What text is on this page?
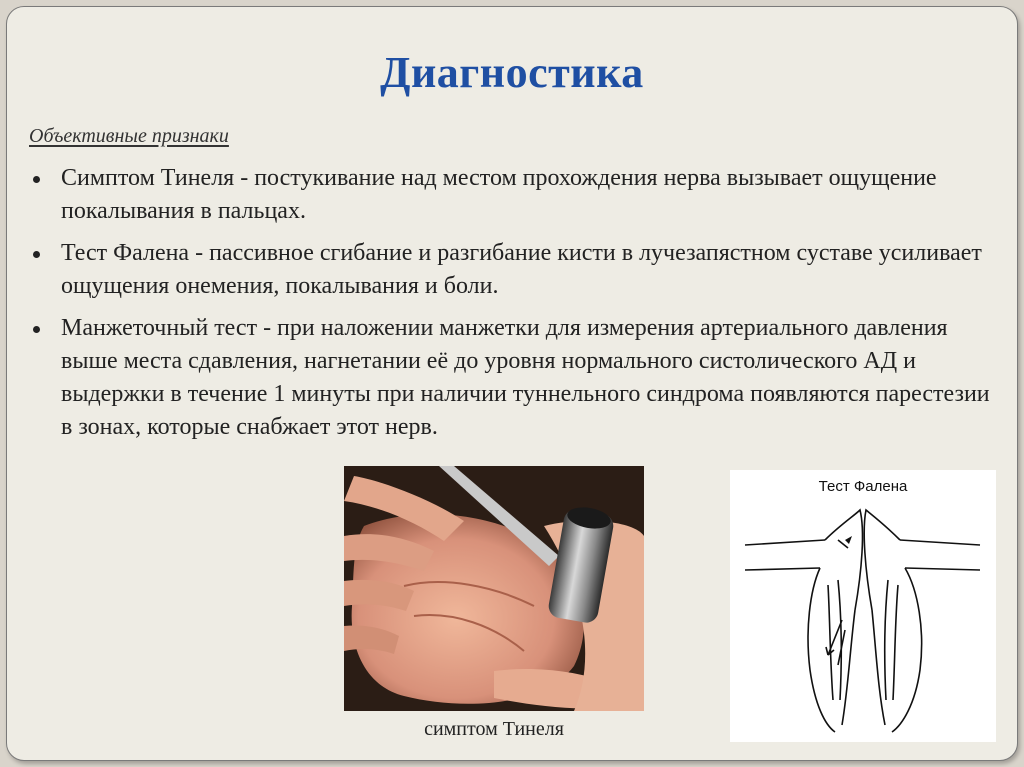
Диагностика
Объективные признаки
Симптом Тинеля - постукивание над местом прохождения нерва вызывает ощущение покалывания в пальцах.
Тест Фалена - пассивное сгибание и разгибание кисти в лучезапястном суставе усиливает ощущения онемения, покалывания и боли.
Манжеточный тест - при наложении манжетки для измерения артериального давления выше места сдавления, нагнетании её до уровня нормального систолического АД и выдержки в течение 1 минуты при наличии туннельного синдрома появляются парестезии в зонах, которые снабжает этот нерв.
симптом Тинеля
Тест Фалена
